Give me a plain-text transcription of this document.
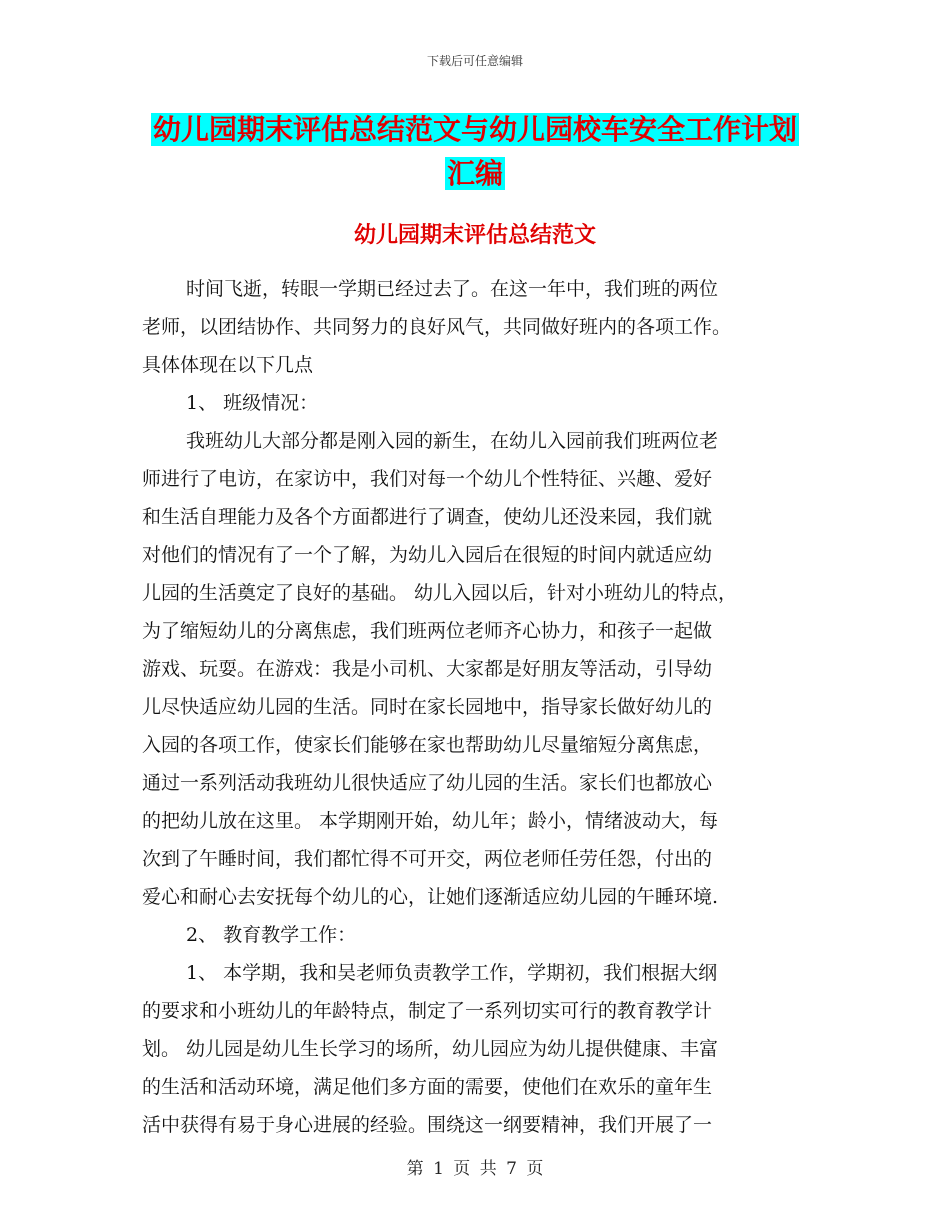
下载后可任意编辑
幼儿园期末评估总结范文与幼儿园校车安全工作计划
汇编
幼儿园期末评估总结范文
时间飞逝，转眼一学期已经过去了。在这一年中，我们班的两位
老师，以团结协作、共同努力的良好风气，共同做好班内的各项工作。
具体体现在以下几点
1、 班级情况：
我班幼儿大部分都是刚入园的新生，在幼儿入园前我们班两位老
师进行了电访，在家访中，我们对每一个幼儿个性特征、兴趣、爱好
和生活自理能力及各个方面都进行了调查，使幼儿还没来园，我们就
对他们的情况有了一个了解，为幼儿入园后在很短的时间内就适应幼
儿园的生活奠定了良好的基础。 幼儿入园以后，针对小班幼儿的特点，
为了缩短幼儿的分离焦虑，我们班两位老师齐心协力，和孩子一起做
游戏、玩耍。在游戏：我是小司机、大家都是好朋友等活动，引导幼
儿尽快适应幼儿园的生活。同时在家长园地中，指导家长做好幼儿的
入园的各项工作，使家长们能够在家也帮助幼儿尽量缩短分离焦虑，
通过一系列活动我班幼儿很快适应了幼儿园的生活。家长们也都放心
的把幼儿放在这里。 本学期刚开始，幼儿年；龄小，情绪波动大，每
次到了午睡时间，我们都忙得不可开交，两位老师任劳任怨，付出的
爱心和耐心去安抚每个幼儿的心，让她们逐渐适应幼儿园的午睡环境.
2、 教育教学工作：
1、 本学期，我和吴老师负责教学工作，学期初，我们根据大纲
的要求和小班幼儿的年龄特点，制定了一系列切实可行的教育教学计
划。 幼儿园是幼儿生长学习的场所，幼儿园应为幼儿提供健康、丰富
的生活和活动环境，满足他们多方面的需要，使他们在欢乐的童年生
活中获得有易于身心进展的经验。围绕这一纲要精神，我们开展了一
第 1 页 共 7 页
